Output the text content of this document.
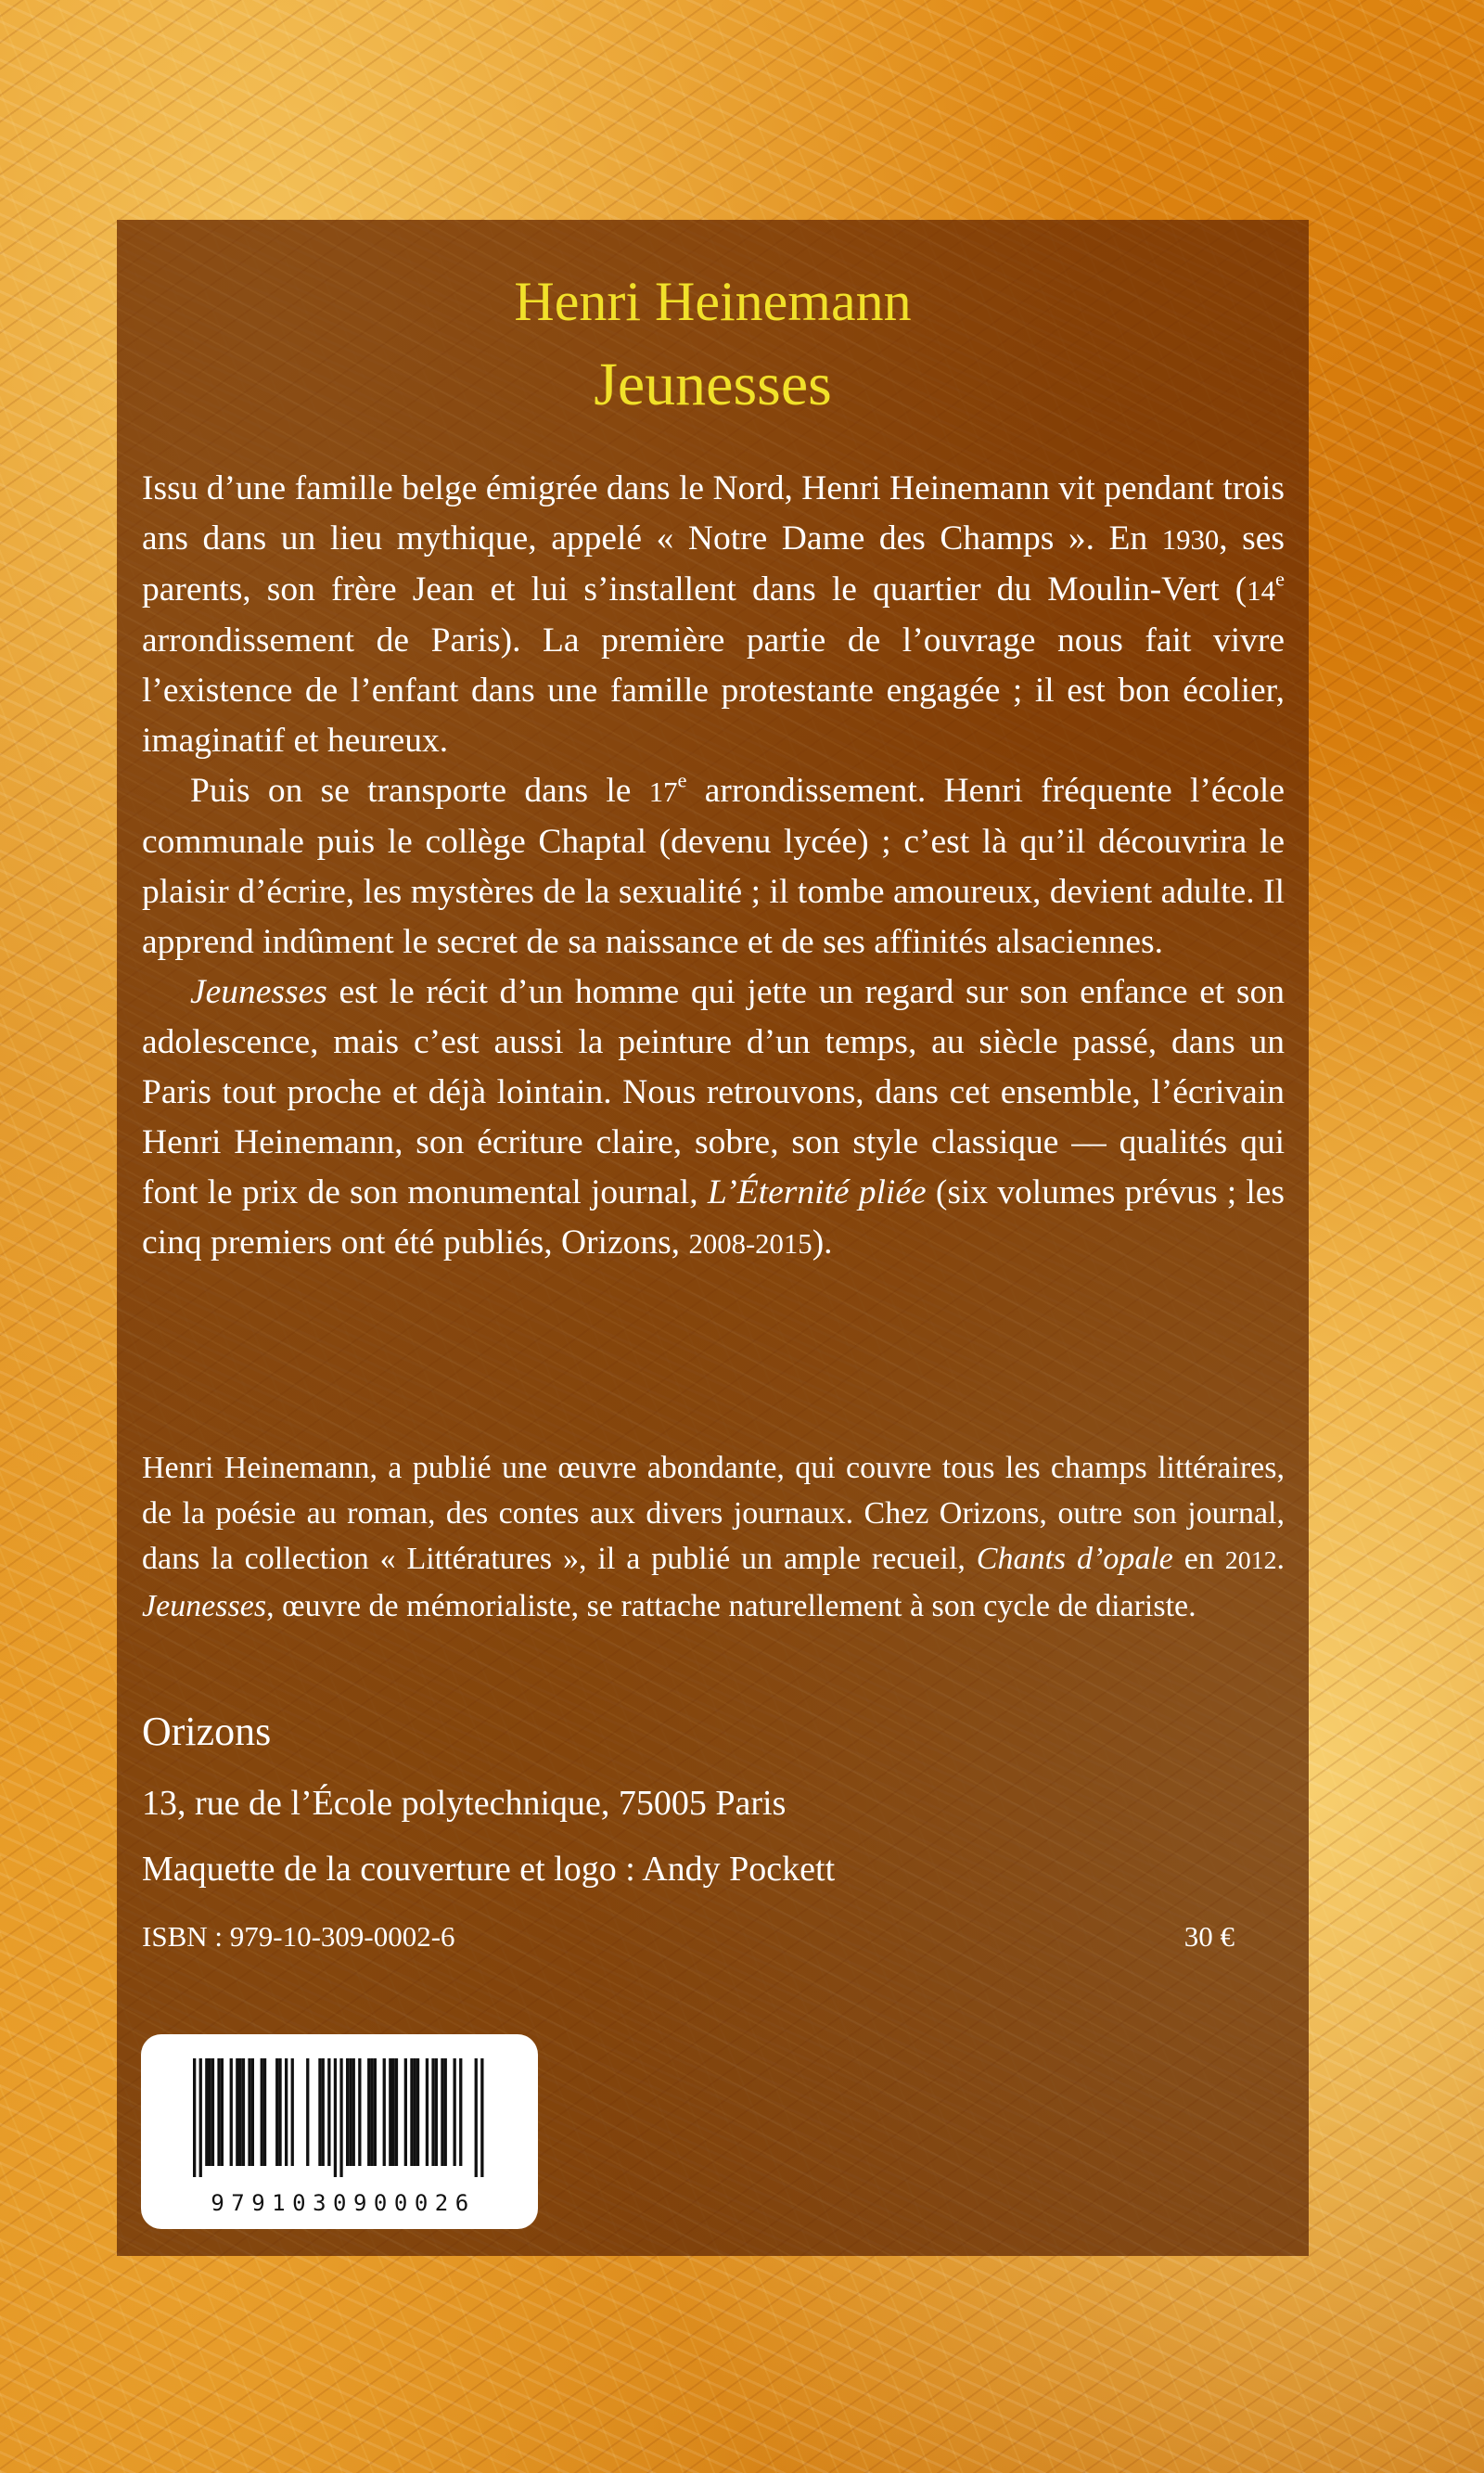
Henri Heinemann
Jeunesses

Issu d’une famille belge émigrée dans le Nord, Henri Heinemann vit pendant trois ans dans un lieu mythique, appelé « Notre Dame des Champs ». En 1930, ses parents, son frère Jean et lui s’installent dans le quartier du Moulin-Vert (14e arrondissement de Paris). La première partie de l’ouvrage nous fait vivre l’existence de l’enfant dans une famille protestante engagée ; il est bon écolier, imaginatif et heureux.

Puis on se transporte dans le 17e arrondissement. Henri fréquente l’école communale puis le collège Chaptal (devenu lycée) ; c’est là qu’il découvrira le plaisir d’écrire, les mystères de la sexualité ; il tombe amoureux, devient adulte. Il apprend indûment le secret de sa naissance et de ses affinités alsaciennes.

Jeunesses est le récit d’un homme qui jette un regard sur son enfance et son adolescence, mais c’est aussi la peinture d’un temps, au siècle passé, dans un Paris tout proche et déjà lointain. Nous retrouvons, dans cet ensemble, l’écrivain Henri Heinemann, son écriture claire, sobre, son style classique — qualités qui font le prix de son monumental journal, L’Éternité pliée (six volumes prévus ; les cinq premiers ont été publiés, Orizons, 2008-2015).

Henri Heinemann, a publié une œuvre abondante, qui couvre tous les champs littéraires, de la poésie au roman, des contes aux divers journaux. Chez Orizons, outre son journal, dans la collection « Littératures », il a publié un ample recueil, Chants d’opale en 2012. Jeunesses, œuvre de mémorialiste, se rattache naturellement à son cycle de diariste.

Orizons
13, rue de l’École polytechnique, 75005 Paris
Maquette de la couverture et logo : Andy Pockett
ISBN : 979-10-309-0002-6	30 €
9791030900026
